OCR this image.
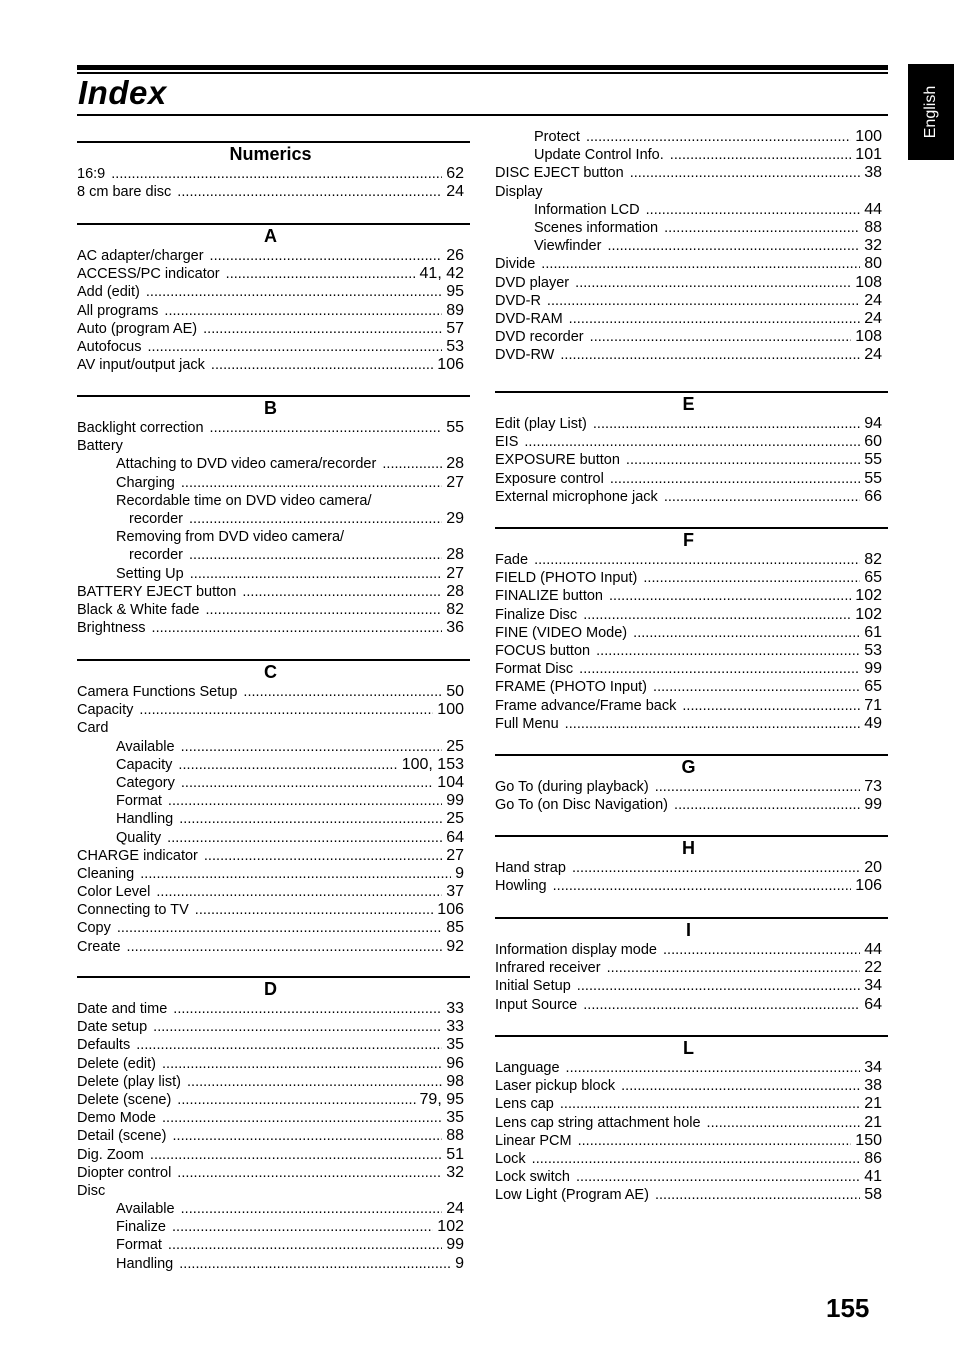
Index	English
Numerics
16:9 . . .	62
8 cm bare disc . . .	24
A
AC adapter/charger . . .	26
ACCESS/PC indicator . . .	41, 42
Add (edit) . . .	95
All programs . . .	89
Auto (program AE) . . .	57
Autofocus . . .	53
AV input/output jack . . .	106
B
Backlight correction . . .	55
Battery
Attaching to DVD video camera/recorder . . .	28
Charging . . .	27
Recordable time on DVD video camera/
recorder . . .	29
Removing from DVD video camera/
recorder . . .	28
Setting Up . . .	27
BATTERY EJECT button . . .	28
Black & White fade . . .	82
Brightness . . .	36
C
Camera Functions Setup . . .	50
Capacity . . .	100
Card
Available . . .	25
Capacity . . .	100, 153
Category . . .	104
Format . . .	99
Handling . . .	25
Quality . . .	64
CHARGE indicator . . .	27
Cleaning . . .	9
Color Level . . .	37
Connecting to TV . . .	106
Copy . . .	85
Create . . .	92
D
Date and time . . .	33
Date setup . . .	33
Defaults . . .	35
Delete (edit) . . .	96
Delete (play list) . . .	98
Delete (scene) . . .	79, 95
Demo Mode . . .	35
Detail (scene) . . .	88
Dig. Zoom . . .	51
Diopter control . . .	32
Disc
Available . . .	24
Finalize . . .	102
Format . . .	99
Handling . . .	9
Protect . . .	100
Update Control Info. . . .	101
DISC EJECT button . . .	38
Display
Information LCD . . .	44
Scenes information . . .	88
Viewfinder . . .	32
Divide . . .	80
DVD player . . .	108
DVD-R . . .	24
DVD-RAM . . .	24
DVD recorder . . .	108
DVD-RW . . .	24
E
Edit (play List) . . .	94
EIS . . .	60
EXPOSURE button . . .	55
Exposure control . . .	55
External microphone jack . . .	66
F
Fade . . .	82
FIELD (PHOTO Input) . . .	65
FINALIZE button . . .	102
Finalize Disc . . .	102
FINE (VIDEO Mode) . . .	61
FOCUS button . . .	53
Format Disc . . .	99
FRAME (PHOTO Input) . . .	65
Frame advance/Frame back . . .	71
Full Menu . . .	49
G
Go To (during playback) . . .	73
Go To (on Disc Navigation) . . .	99
H
Hand strap . . .	20
Howling . . .	106
I
Information display mode . . .	44
Infrared receiver . . .	22
Initial Setup . . .	34
Input Source . . .	64
L
Language . . .	34
Laser pickup block . . .	38
Lens cap . . .	21
Lens cap string attachment hole . . .	21
Linear PCM . . .	150
Lock . . .	86
Lock switch . . .	41
Low Light (Program AE) . . .	58
155
